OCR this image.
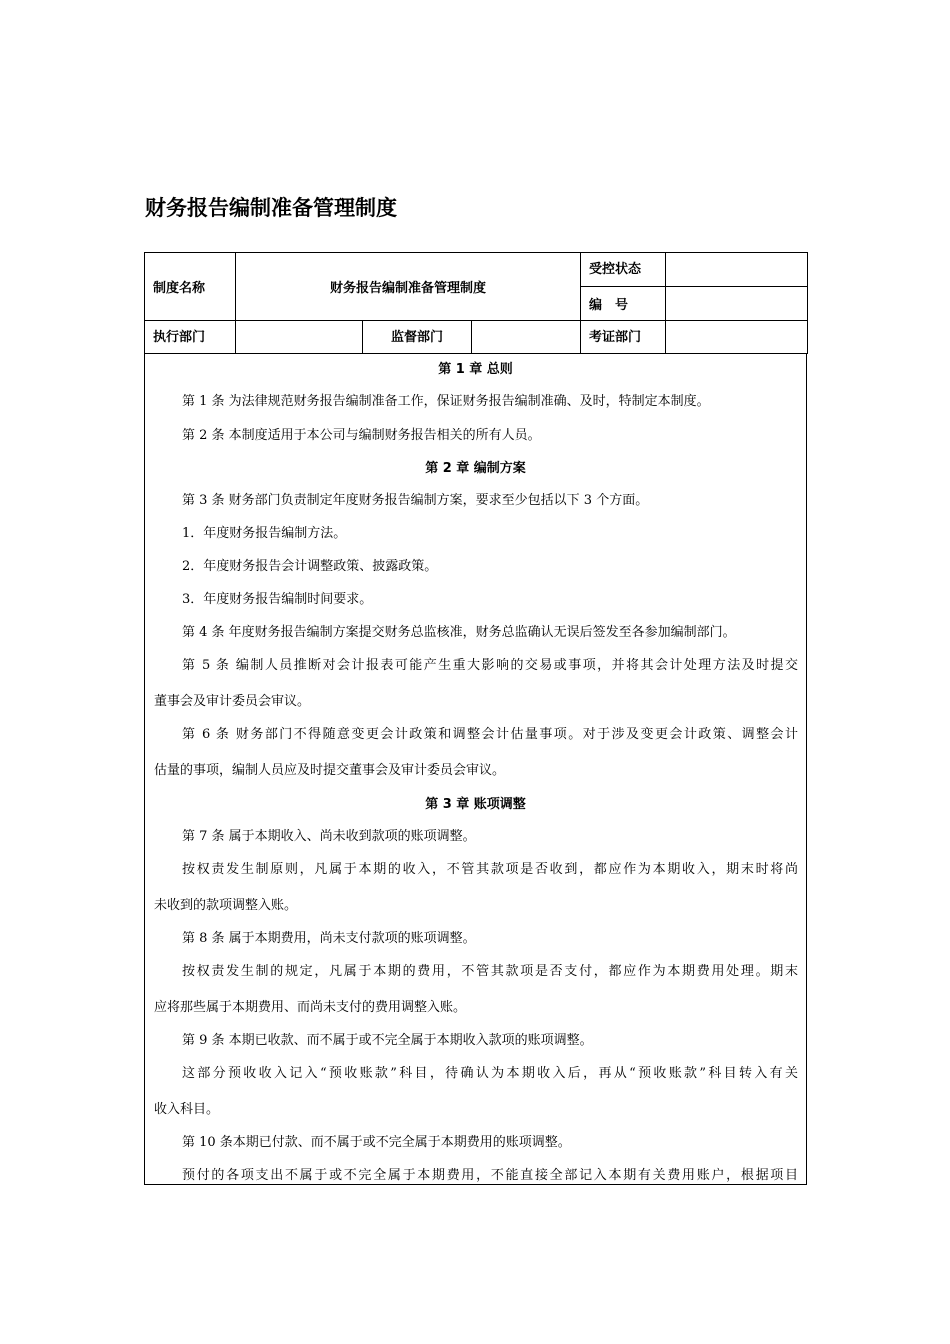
财务报告编制准备管理制度
制度名称	财务报告编制准备管理制度			受控状态	
				编　号	
执行部门		监督部门		考证部门	
第 1 章 总则
第 1 条 为法律规范财务报告编制准备工作，保证财务报告编制准确、及时，特制定本制度。
第 2 条 本制度适用于本公司与编制财务报告相关的所有人员。
第 2 章 编制方案
第 3 条 财务部门负责制定年度财务报告编制方案，要求至少包括以下 3 个方面。
1．年度财务报告编制方法。
2．年度财务报告会计调整政策、披露政策。
3．年度财务报告编制时间要求。
第 4 条 年度财务报告编制方案提交财务总监核准，财务总监确认无误后签发至各参加编制部门。
第 5 条 编制人员推断对会计报表可能产生重大影响的交易或事项，并将其会计处理方法及时提交
董事会及审计委员会审议。
第 6 条 财务部门不得随意变更会计政策和调整会计估量事项。对于涉及变更会计政策、调整会计
估量的事项，编制人员应及时提交董事会及审计委员会审议。
第 3 章 账项调整
第 7 条 属于本期收入、尚未收到款项的账项调整。
按权责发生制原则，凡属于本期的收入，不管其款项是否收到，都应作为本期收入，期末时将尚
未收到的款项调整入账。
第 8 条 属于本期费用，尚未支付款项的账项调整。
按权责发生制的规定，凡属于本期的费用，不管其款项是否支付，都应作为本期费用处理。期末
应将那些属于本期费用、而尚未支付的费用调整入账。
第 9 条 本期已收款、而不属于或不完全属于本期收入款项的账项调整。
这部分预收收入记入“预收账款”科目，待确认为本期收入后，再从“预收账款”科目转入有关
收入科目。
第 10 条本期已付款、而不属于或不完全属于本期费用的账项调整。
预付的各项支出不属于或不完全属于本期费用，不能直接全部记入本期有关费用账户，根据项目
